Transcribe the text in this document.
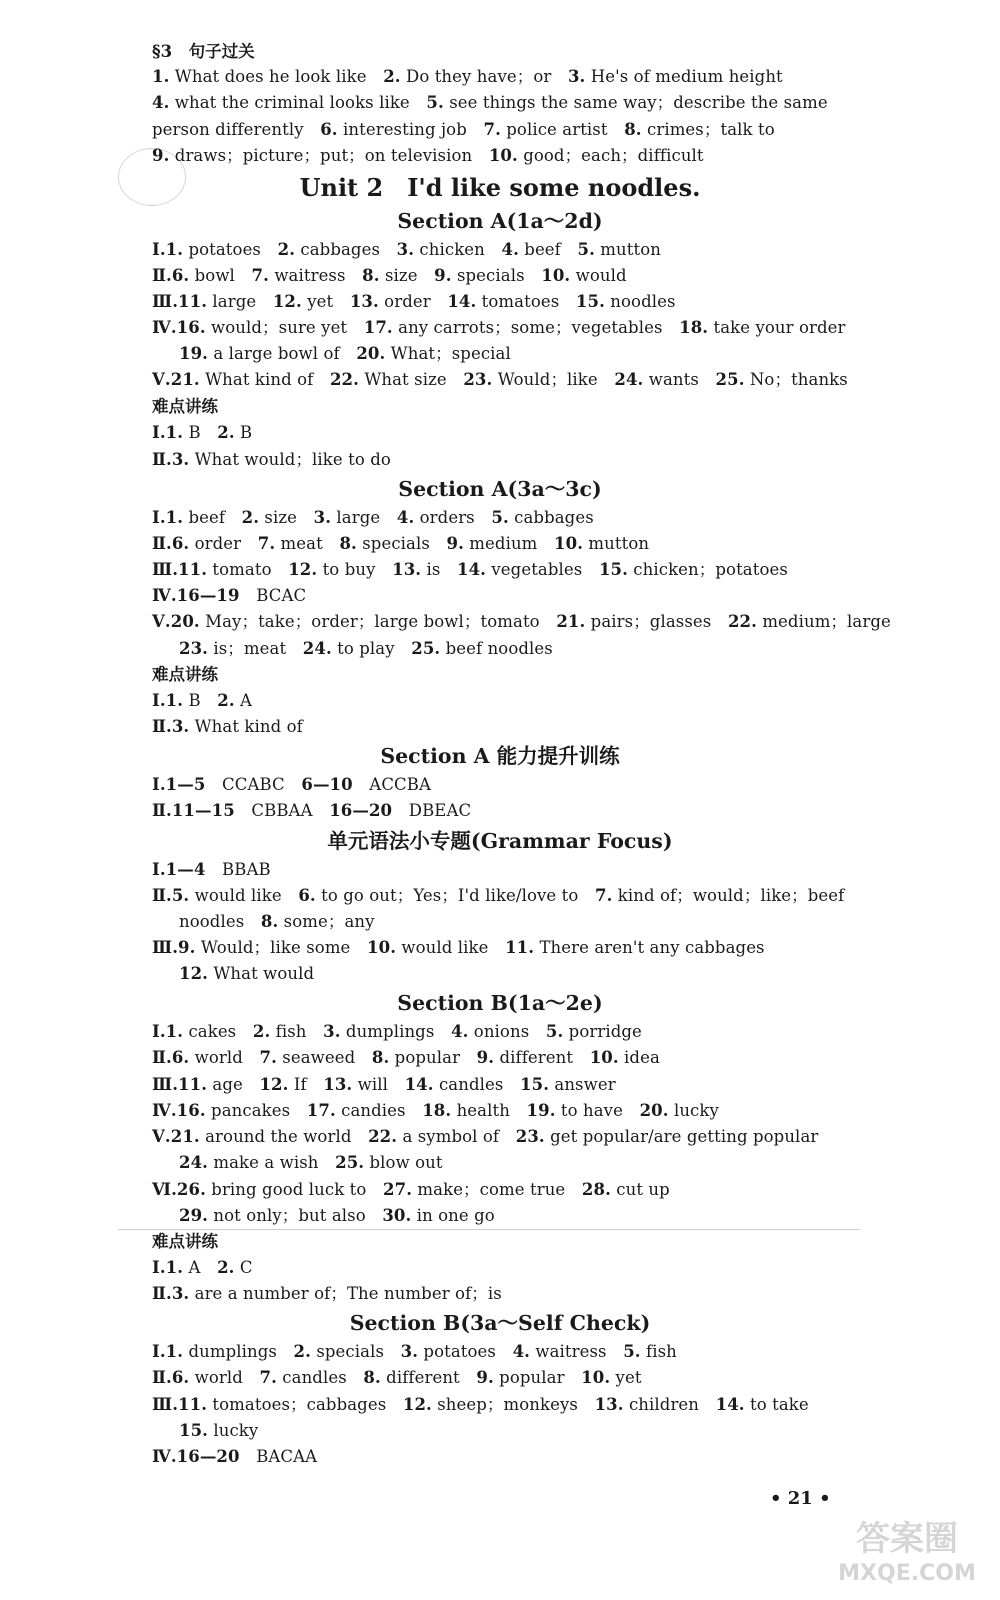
§3　句子过关
1. What does he look like　2. Do they have；or　3. He's of medium height
4. what the criminal looks like　5. see things the same way；describe the same
person differently　6. interesting job　7. police artist　8. crimes；talk to
9. draws；picture；put；on television　10. good；each；difficult
Unit 2　I'd like some noodles.
Section A(1a～2d)
Ⅰ.1. potatoes　2. cabbages　3. chicken　4. beef　5. mutton
Ⅱ.6. bowl　7. waitress　8. size　9. specials　10. would
Ⅲ.11. large　12. yet　13. order　14. tomatoes　15. noodles
Ⅳ.16. would；sure yet　17. any carrots；some；vegetables　18. take your order
19. a large bowl of　20. What；special
Ⅴ.21. What kind of　22. What size　23. Would；like　24. wants　25. No；thanks
难点讲练
Ⅰ.1. B　2. B
Ⅱ.3. What would；like to do
Section A(3a～3c)
Ⅰ.1. beef　2. size　3. large　4. orders　5. cabbages
Ⅱ.6. order　7. meat　8. specials　9. medium　10. mutton
Ⅲ.11. tomato　12. to buy　13. is　14. vegetables　15. chicken；potatoes
Ⅳ.16—19　BCAC
Ⅴ.20. May；take；order；large bowl；tomato　21. pairs；glasses　22. medium；large
23. is；meat　24. to play　25. beef noodles
难点讲练
Ⅰ.1. B　2. A
Ⅱ.3. What kind of
Section A 能力提升训练
Ⅰ.1—5　CCABC　6—10　ACCBA
Ⅱ.11—15　CBBAA　16—20　DBEAC
单元语法小专题(Grammar Focus)
Ⅰ.1—4　BBAB
Ⅱ.5. would like　6. to go out；Yes；I'd like/love to　7. kind of；would；like；beef
noodles　8. some；any
Ⅲ.9. Would；like some　10. would like　11. There aren't any cabbages
12. What would
Section B(1a～2e)
Ⅰ.1. cakes　2. fish　3. dumplings　4. onions　5. porridge
Ⅱ.6. world　7. seaweed　8. popular　9. different　10. idea
Ⅲ.11. age　12. If　13. will　14. candles　15. answer
Ⅳ.16. pancakes　17. candies　18. health　19. to have　20. lucky
Ⅴ.21. around the world　22. a symbol of　23. get popular/are getting popular
24. make a wish　25. blow out
Ⅵ.26. bring good luck to　27. make；come true　28. cut up
29. not only；but also　30. in one go
难点讲练
Ⅰ.1. A　2. C
Ⅱ.3. are a number of；The number of；is
Section B(3a～Self Check)
Ⅰ.1. dumplings　2. specials　3. potatoes　4. waitress　5. fish
Ⅱ.6. world　7. candles　8. different　9. popular　10. yet
Ⅲ.11. tomatoes；cabbages　12. sheep；monkeys　13. children　14. to take
15. lucky
Ⅳ.16—20　BACAA
• 21 •
答案圈
MXQE.COM
